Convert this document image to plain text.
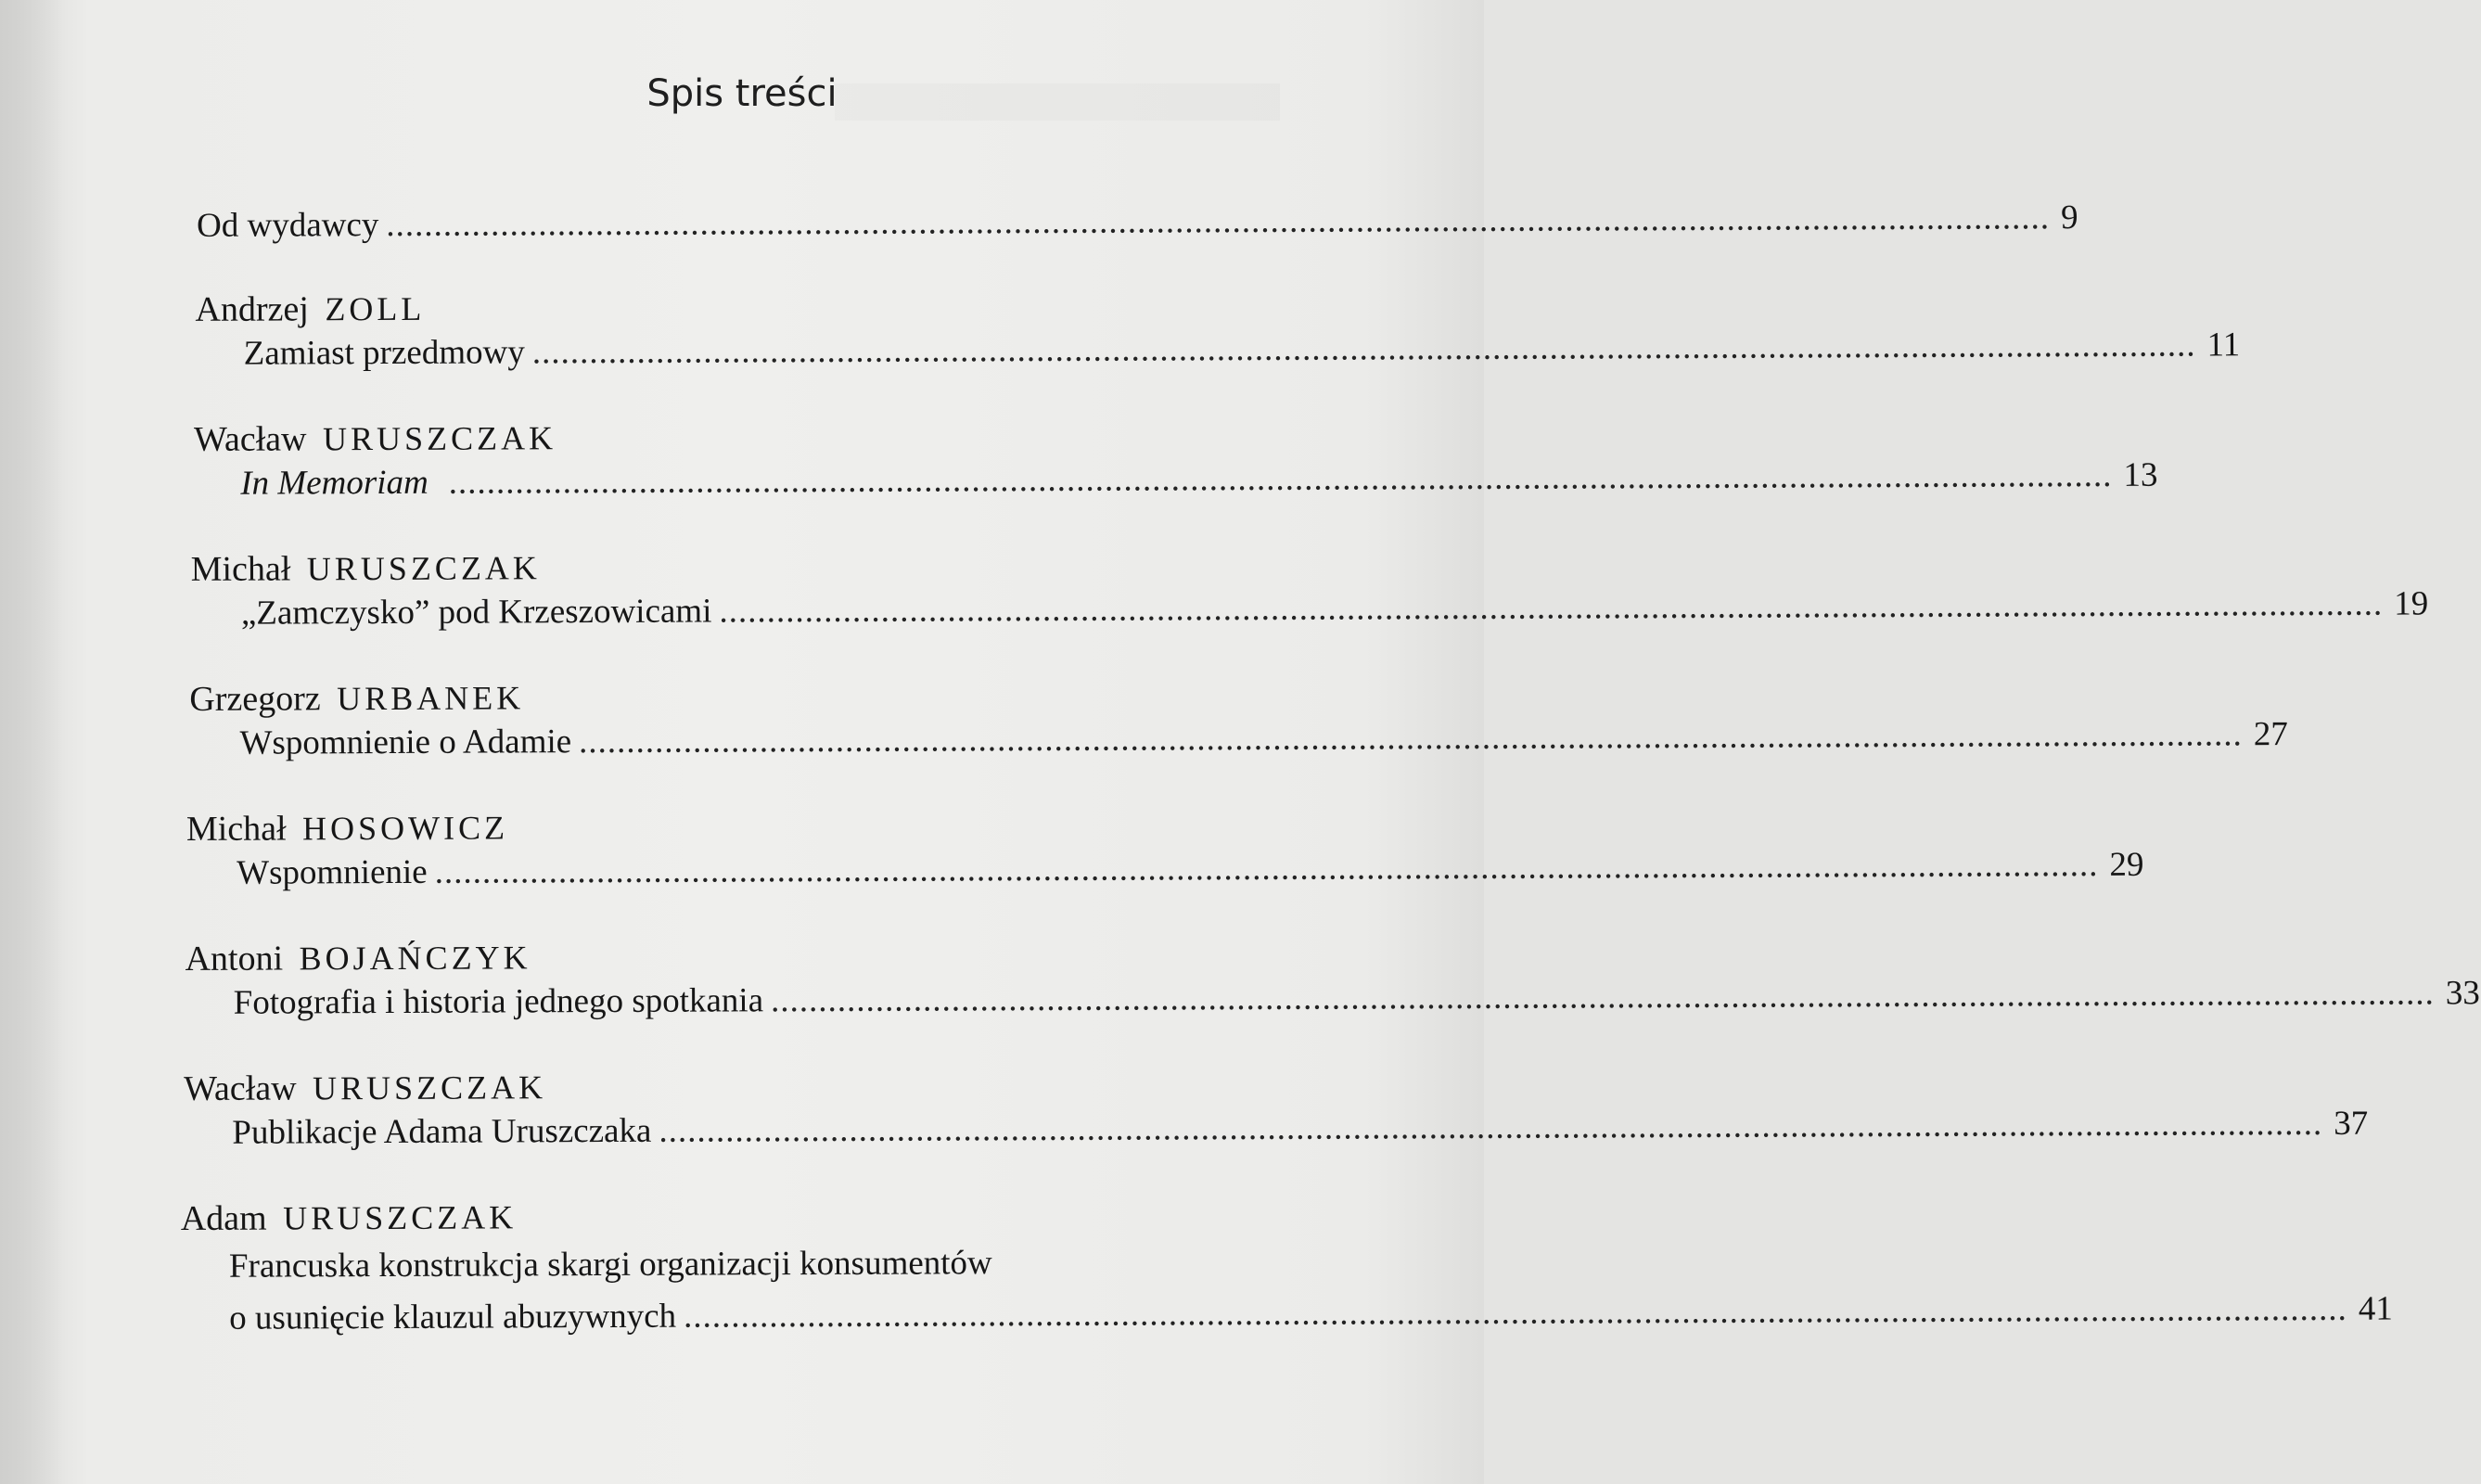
Spis treści
Od wydawcy ............................................................................................................................................................................... 9
Andrzej ZOLL
Zamiast przedmowy ............................................................................................................................................................................... 11
Wacław URUSZCZAK
In Memoriam ............................................................................................................................................................................... 13
Michał URUSZCZAK
„Zamczysko” pod Krzeszowicami ............................................................................................................................................................................... 19
Grzegorz URBANEK
Wspomnienie o Adamie ............................................................................................................................................................................... 27
Michał HOSOWICZ
Wspomnienie ............................................................................................................................................................................... 29
Antoni BOJAŃCZYK
Fotografia i historia jednego spotkania ............................................................................................................................................................................... 33
Wacław URUSZCZAK
Publikacje Adama Uruszczaka ............................................................................................................................................................................... 37
Adam URUSZCZAK
Francuska konstrukcja skargi organizacji konsumentów
o usunięcie klauzul abuzywnych ............................................................................................................................................................................... 41
